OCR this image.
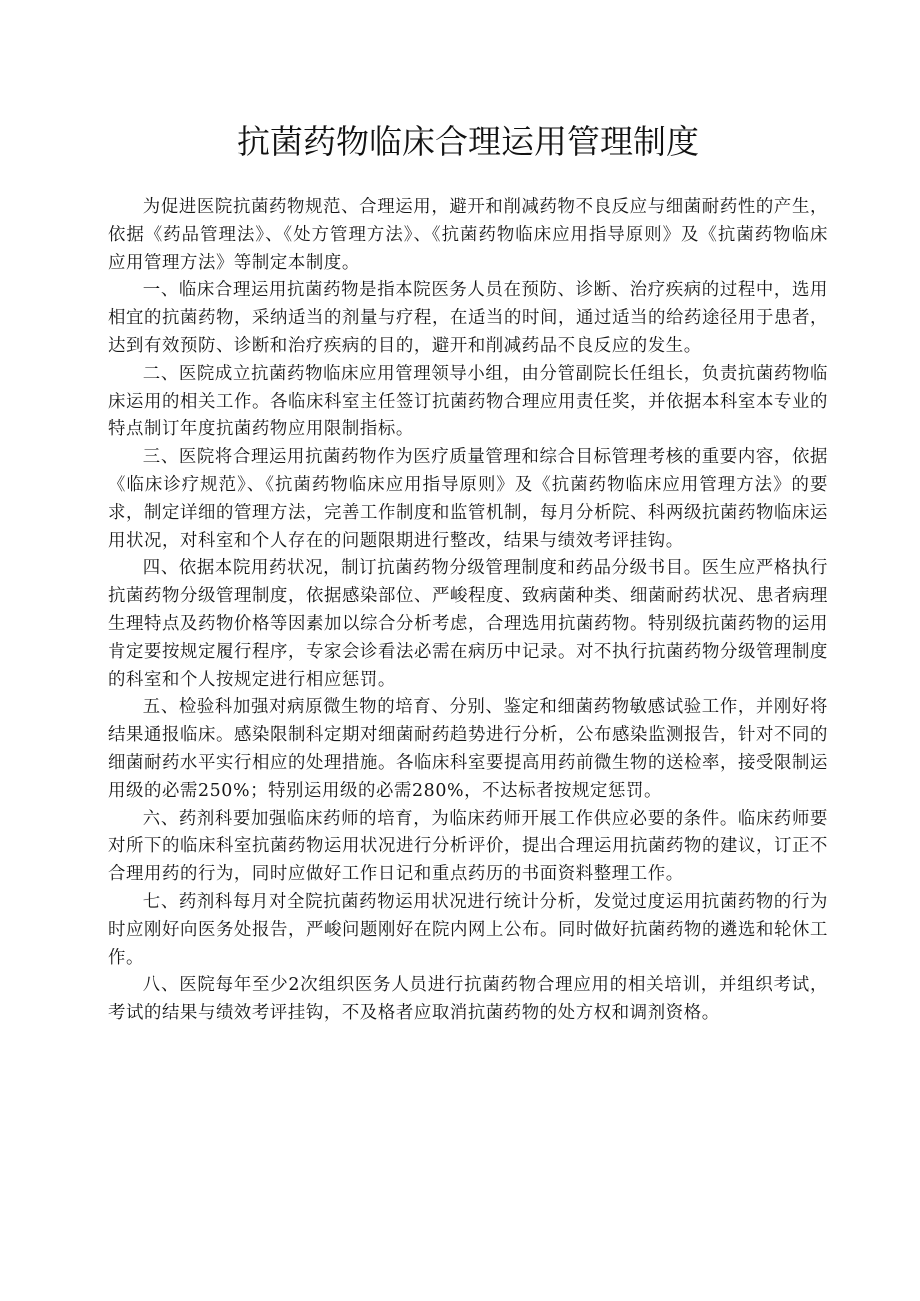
抗菌药物临床合理运用管理制度

为促进医院抗菌药物规范、合理运用，避开和削减药物不良反应与细菌耐药性的产生，依据《药品管理法》、《处方管理方法》、《抗菌药物临床应用指导原则》及《抗菌药物临床应用管理方法》等制定本制度。

一、临床合理运用抗菌药物是指本院医务人员在预防、诊断、治疗疾病的过程中，选用相宜的抗菌药物，采纳适当的剂量与疗程，在适当的时间，通过适当的给药途径用于患者，达到有效预防、诊断和治疗疾病的目的，避开和削减药品不良反应的发生。

二、医院成立抗菌药物临床应用管理领导小组，由分管副院长任组长，负责抗菌药物临床运用的相关工作。各临床科室主任签订抗菌药物合理应用责任奖，并依据本科室本专业的特点制订年度抗菌药物应用限制指标。

三、医院将合理运用抗菌药物作为医疗质量管理和综合目标管理考核的重要内容，依据《临床诊疗规范》、《抗菌药物临床应用指导原则》及《抗菌药物临床应用管理方法》的要求，制定详细的管理方法，完善工作制度和监管机制，每月分析院、科两级抗菌药物临床运用状况，对科室和个人存在的问题限期进行整改，结果与绩效考评挂钩。

四、依据本院用药状况，制订抗菌药物分级管理制度和药品分级书目。医生应严格执行抗菌药物分级管理制度，依据感染部位、严峻程度、致病菌种类、细菌耐药状况、患者病理生理特点及药物价格等因素加以综合分析考虑，合理选用抗菌药物。特别级抗菌药物的运用肯定要按规定履行程序，专家会诊看法必需在病历中记录。对不执行抗菌药物分级管理制度的科室和个人按规定进行相应惩罚。

五、检验科加强对病原微生物的培育、分别、鉴定和细菌药物敏感试验工作，并刚好将结果通报临床。感染限制科定期对细菌耐药趋势进行分析，公布感染监测报告，针对不同的细菌耐药水平实行相应的处理措施。各临床科室要提高用药前微生物的送检率，接受限制运用级的必需250%；特别运用级的必需280%，不达标者按规定惩罚。

六、药剂科要加强临床药师的培育，为临床药师开展工作供应必要的条件。临床药师要对所下的临床科室抗菌药物运用状况进行分析评价，提出合理运用抗菌药物的建议，订正不合理用药的行为，同时应做好工作日记和重点药历的书面资料整理工作。

七、药剂科每月对全院抗菌药物运用状况进行统计分析，发觉过度运用抗菌药物的行为时应刚好向医务处报告，严峻问题刚好在院内网上公布。同时做好抗菌药物的遴选和轮休工作。

八、医院每年至少2次组织医务人员进行抗菌药物合理应用的相关培训，并组织考试，考试的结果与绩效考评挂钩，不及格者应取消抗菌药物的处方权和调剂资格。
